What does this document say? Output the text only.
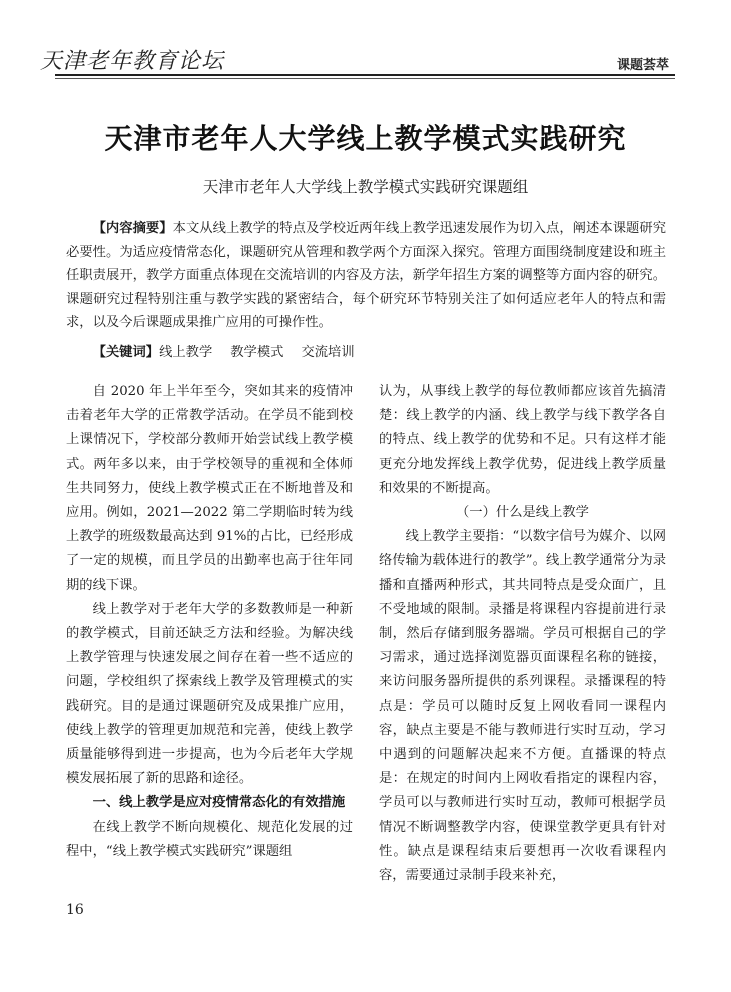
天津老年教育论坛	课题荟萃
天津市老年人大学线上教学模式实践研究
天津市老年人大学线上教学模式实践研究课题组
【内容摘要】本文从线上教学的特点及学校近两年线上教学迅速发展作为切入点，阐述本课题研究必要性。为适应疫情常态化，课题研究从管理和教学两个方面深入探究。管理方面围绕制度建设和班主任职责展开，教学方面重点体现在交流培训的内容及方法，新学年招生方案的调整等方面内容的研究。课题研究过程特别注重与教学实践的紧密结合，每个研究环节特别关注了如何适应老年人的特点和需求，以及今后课题成果推广应用的可操作性。
【关键词】线上教学 教学模式 交流培训

自 2020 年上半年至今，突如其来的疫情冲击着老年大学的正常教学活动。在学员不能到校上课情况下，学校部分教师开始尝试线上教学模式。两年多以来，由于学校领导的重视和全体师生共同努力，使线上教学模式正在不断地普及和应用。例如，2021—2022 第二学期临时转为线上教学的班级数最高达到 91%的占比，已经形成了一定的规模，而且学员的出勤率也高于往年同期的线下课。

线上教学对于老年大学的多数教师是一种新的教学模式，目前还缺乏方法和经验。为解决线上教学管理与快速发展之间存在着一些不适应的问题，学校组织了探索线上教学及管理模式的实践研究。目的是通过课题研究及成果推广应用，使线上教学的管理更加规范和完善，使线上教学质量能够得到进一步提高，也为今后老年大学规模发展拓展了新的思路和途径。

一、线上教学是应对疫情常态化的有效措施

在线上教学不断向规模化、规范化发展的过程中，“线上教学模式实践研究”课题组

认为，从事线上教学的每位教师都应该首先搞清楚：线上教学的内涵、线上教学与线下教学各自的特点、线上教学的优势和不足。只有这样才能更充分地发挥线上教学优势，促进线上教学质量和效果的不断提高。

（一）什么是线上教学

线上教学主要指：“以数字信号为媒介、以网络传输为载体进行的教学”。线上教学通常分为录播和直播两种形式，其共同特点是受众面广，且不受地域的限制。录播是将课程内容提前进行录制，然后存储到服务器端。学员可根据自己的学习需求，通过选择浏览器页面课程名称的链接，来访问服务器所提供的系列课程。录播课程的特点是：学员可以随时反复上网收看同一课程内容，缺点主要是不能与教师进行实时互动，学习中遇到的问题解决起来不方便。直播课的特点是：在规定的时间内上网收看指定的课程内容，学员可以与教师进行实时互动，教师可根据学员情况不断调整教学内容，使课堂教学更具有针对性。缺点是课程结束后要想再一次收看课程内容，需要通过录制手段来补充，

16
